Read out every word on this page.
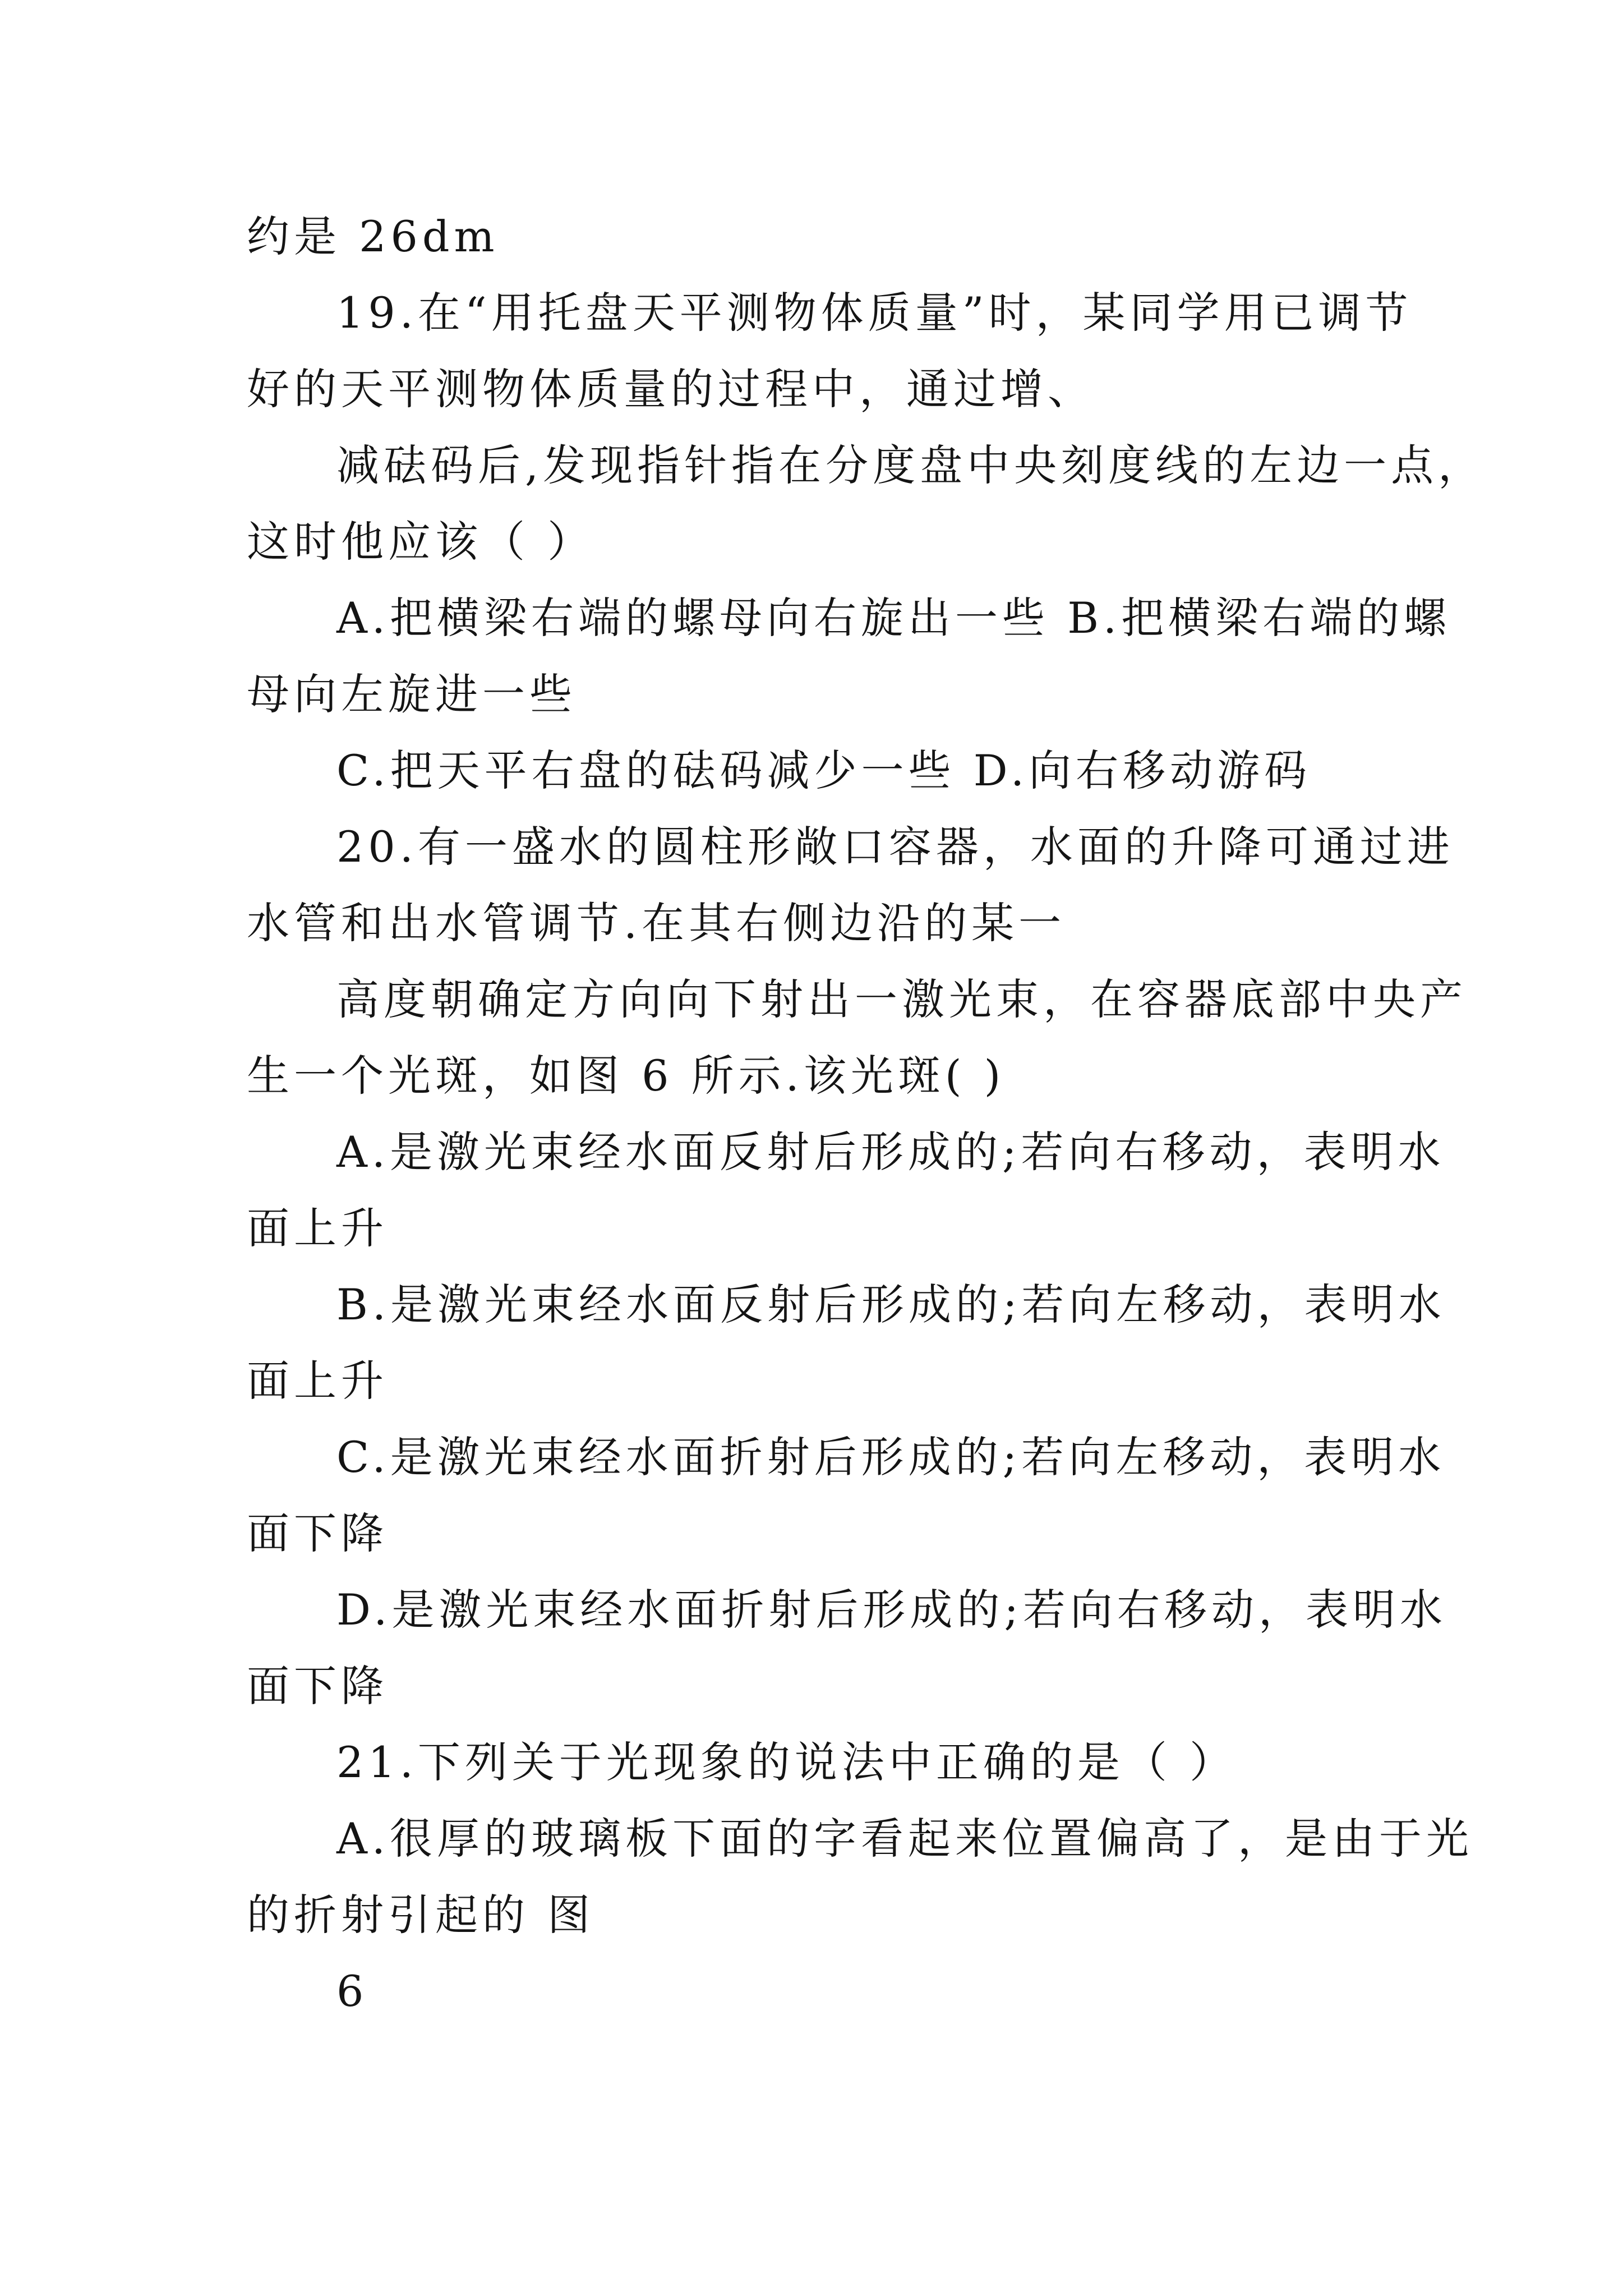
约是 26dm
19.在“用托盘天平测物体质量”时，某同学用已调节
好的天平测物体质量的过程中，通过增、
减砝码后,发现指针指在分度盘中央刻度线的左边一点，
这时他应该（ ）
A.把横梁右端的螺母向右旋出一些 B.把横梁右端的螺
母向左旋进一些
C.把天平右盘的砝码减少一些 D.向右移动游码
20.有一盛水的圆柱形敞口容器，水面的升降可通过进
水管和出水管调节.在其右侧边沿的某一
高度朝确定方向向下射出一激光束，在容器底部中央产
生一个光斑，如图 6 所示.该光斑( )
A.是激光束经水面反射后形成的;若向右移动，表明水
面上升
B.是激光束经水面反射后形成的;若向左移动，表明水
面上升
C.是激光束经水面折射后形成的;若向左移动，表明水
面下降
D.是激光束经水面折射后形成的;若向右移动，表明水
面下降
21.下列关于光现象的说法中正确的是（ ）
A.很厚的玻璃板下面的字看起来位置偏高了，是由于光
的折射引起的 图
6
